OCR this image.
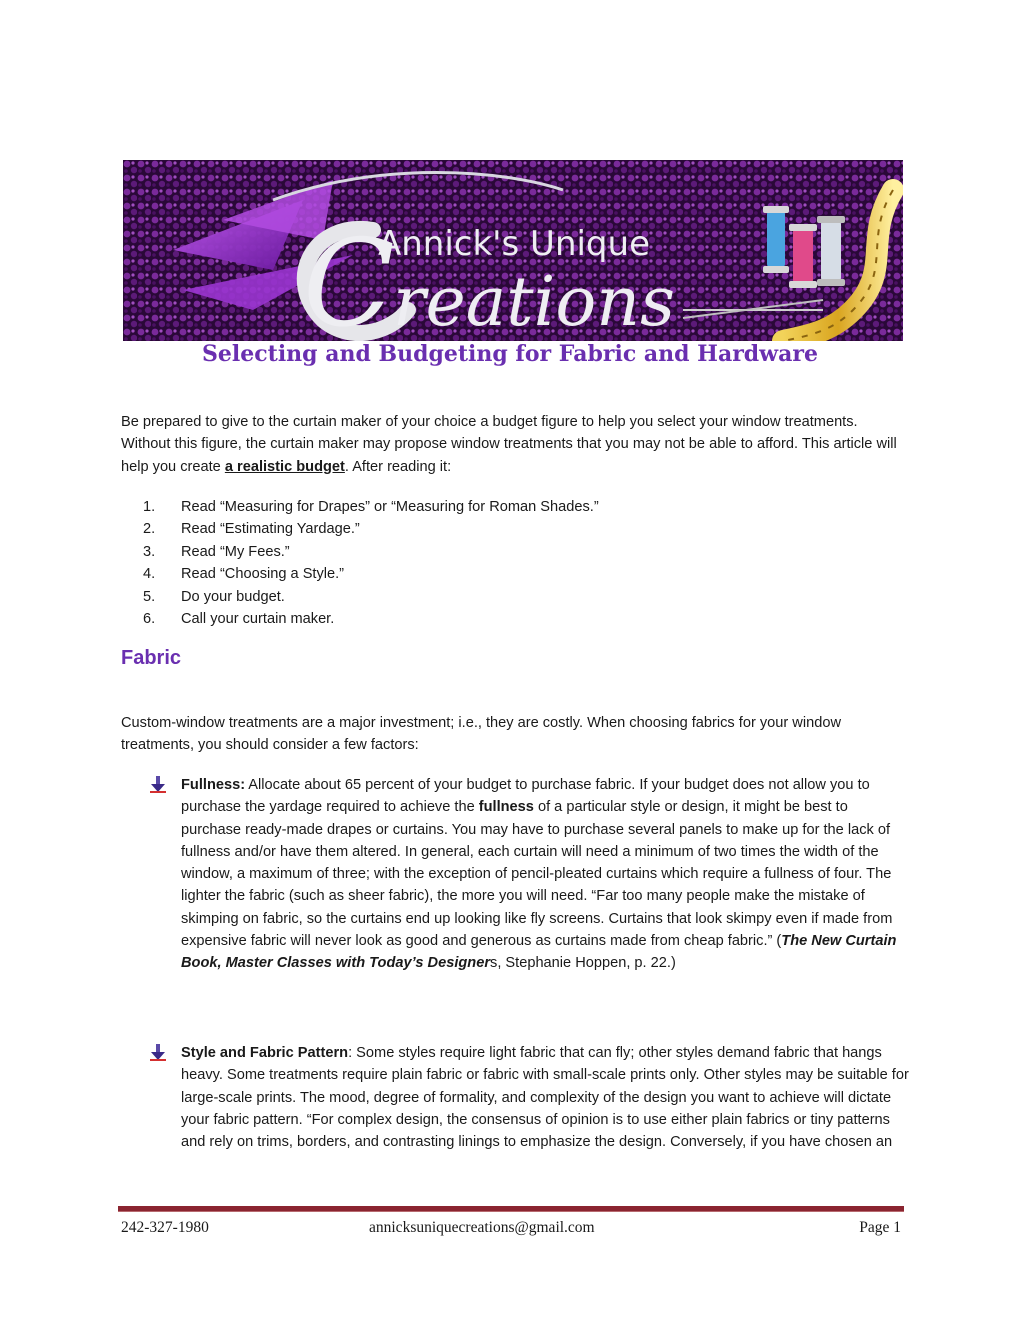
Annick's Unique
C
reations
Selecting and Budgeting for Fabric and Hardware

Be prepared to give to the curtain maker of your choice a budget figure to help you select your window treatments. Without this figure, the curtain maker may propose window treatments that you may not be able to afford. This article will help you create a realistic budget. After reading it:

1. Read “Measuring for Drapes” or “Measuring for Roman Shades.”
2. Read “Estimating Yardage.”
3. Read “My Fees.”
4. Read “Choosing a Style.”
5. Do your budget.
6. Call your curtain maker.
Fabric

Custom-window treatments are a major investment; i.e., they are costly. When choosing fabrics for your window treatments, you should consider a few factors:

Fullness: Allocate about 65 percent of your budget to purchase fabric. If your budget does not allow you to purchase the yardage required to achieve the fullness of a particular style or design, it might be best to purchase ready-made drapes or curtains. You may have to purchase several panels to make up for the lack of fullness and/or have them altered. In general, each curtain will need a minimum of two times the width of the window, a maximum of three; with the exception of pencil-pleated curtains which require a fullness of four. The lighter the fabric (such as sheer fabric), the more you will need. “Far too many people make the mistake of skimping on fabric, so the curtains end up looking like fly screens. Curtains that look skimpy even if made from expensive fabric will never look as good and generous as curtains made from cheap fabric.” (The New Curtain Book, Master Classes with Today’s Designers, Stephanie Hoppen, p. 22.)

Style and Fabric Pattern: Some styles require light fabric that can fly; other styles demand fabric that hangs heavy. Some treatments require plain fabric or fabric with small-scale prints only. Other styles may be suitable for large-scale prints. The mood, degree of formality, and complexity of the design you want to achieve will dictate your fabric pattern. “For complex design, the consensus of opinion is to use either plain fabrics or tiny patterns and rely on trims, borders, and contrasting linings to emphasize the design. Conversely, if you have chosen an

242-327-1980	annicksuniquecreations@gmail.com	Page 1
